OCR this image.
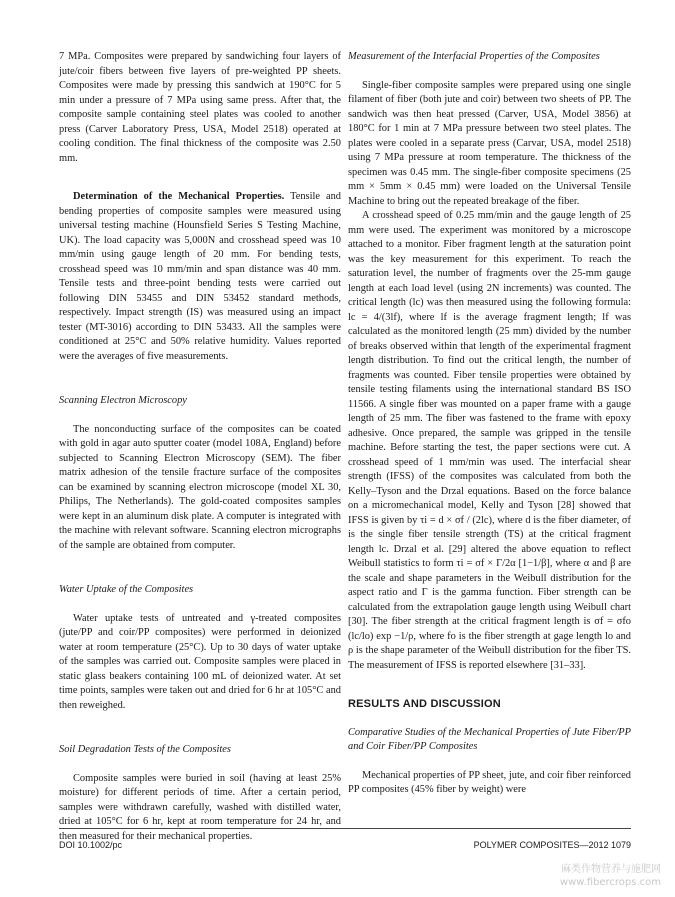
7 MPa. Composites were prepared by sandwiching four layers of jute/coir fibers between five layers of pre-weighted PP sheets. Composites were made by pressing this sandwich at 190°C for 5 min under a pressure of 7 MPa using same press. After that, the composite sample containing steel plates was cooled to another press (Carver Laboratory Press, USA, Model 2518) operated at cooling condition. The final thickness of the composite was 2.50 mm.

Determination of the Mechanical Properties. Tensile and bending properties of composite samples were measured using universal testing machine (Hounsfield Series S Testing Machine, UK). The load capacity was 5,000N and crosshead speed was 10 mm/min using gauge length of 20 mm. For bending tests, crosshead speed was 10 mm/min and span distance was 40 mm. Tensile tests and three-point bending tests were carried out following DIN 53455 and DIN 53452 standard methods, respectively. Impact strength (IS) was measured using an impact tester (MT-3016) according to DIN 53433. All the samples were conditioned at 25°C and 50% relative humidity. Values reported were the averages of five measurements.

Scanning Electron Microscopy

The nonconducting surface of the composites can be coated with gold in agar auto sputter coater (model 108A, England) before subjected to Scanning Electron Microscopy (SEM). The fiber matrix adhesion of the tensile fracture surface of the composites can be examined by scanning electron microscope (model XL 30, Philips, The Netherlands). The gold-coated composites samples were kept in an aluminum disk plate. A computer is integrated with the machine with relevant software. Scanning electron micrographs of the sample are obtained from computer.

Water Uptake of the Composites

Water uptake tests of untreated and γ-treated composites (jute/PP and coir/PP composites) were performed in deionized water at room temperature (25°C). Up to 30 days of water uptake of the samples was carried out. Composite samples were placed in static glass beakers containing 100 mL of deionized water. At set time points, samples were taken out and dried for 6 hr at 105°C and then reweighed.

Soil Degradation Tests of the Composites

Composite samples were buried in soil (having at least 25% moisture) for different periods of time. After a certain period, samples were withdrawn carefully, washed with distilled water, dried at 105°C for 6 hr, kept at room temperature for 24 hr, and then measured for their mechanical properties.

Measurement of the Interfacial Properties of the Composites

Single-fiber composite samples were prepared using one single filament of fiber (both jute and coir) between two sheets of PP. The sandwich was then heat pressed (Carver, USA, Model 3856) at 180°C for 1 min at 7 MPa pressure between two steel plates. The plates were cooled in a separate press (Carvar, USA, model 2518) using 7 MPa pressure at room temperature. The thickness of the specimen was 0.45 mm. The single-fiber composite specimens (25 mm × 5mm × 0.45 mm) were loaded on the Universal Tensile Machine to bring out the repeated breakage of the fiber.

A crosshead speed of 0.25 mm/min and the gauge length of 25 mm were used. The experiment was monitored by a microscope attached to a monitor. Fiber fragment length at the saturation point was the key measurement for this experiment. To reach the saturation level, the number of fragments over the 25-mm gauge length at each load level (using 2N increments) was counted. The critical length (lc) was then measured using the following formula: lc = 4/(3lf), where lf is the average fragment length; lf was calculated as the monitored length (25 mm) divided by the number of breaks observed within that length of the experimental fragment length distribution. To find out the critical length, the number of fragments was counted. Fiber tensile properties were obtained by tensile testing filaments using the international standard BS ISO 11566. A single fiber was mounted on a paper frame with a gauge length of 25 mm. The fiber was fastened to the frame with epoxy adhesive. Once prepared, the sample was gripped in the tensile machine. Before starting the test, the paper sections were cut. A crosshead speed of 1 mm/min was used. The interfacial shear strength (IFSS) of the composites was calculated from both the Kelly–Tyson and the Drzal equations. Based on the force balance on a micromechanical model, Kelly and Tyson [28] showed that IFSS is given by τi = d × σf / (2lc), where d is the fiber diameter, σf is the single fiber tensile strength (TS) at the critical fragment length lc. Drzal et al. [29] altered the above equation to reflect Weibull statistics to form τi = σf × Γ/2α [1−1/β], where α and β are the scale and shape parameters in the Weibull distribution for the aspect ratio and Γ is the gamma function. Fiber strength can be calculated from the extrapolation gauge length using Weibull chart [30]. The fiber strength at the critical fragment length is σf = σfo (lc/lo) exp −1/ρ, where fo is the fiber strength at gage length lo and ρ is the shape parameter of the Weibull distribution for the fiber TS. The measurement of IFSS is reported elsewhere [31–33].

RESULTS AND DISCUSSION

Comparative Studies of the Mechanical Properties of Jute Fiber/PP and Coir Fiber/PP Composites

Mechanical properties of PP sheet, jute, and coir fiber reinforced PP composites (45% fiber by weight) were

DOI 10.1002/pc	POLYMER COMPOSITES—2012 1079
麻类作物营养与施肥网
www.fibercrops.com
